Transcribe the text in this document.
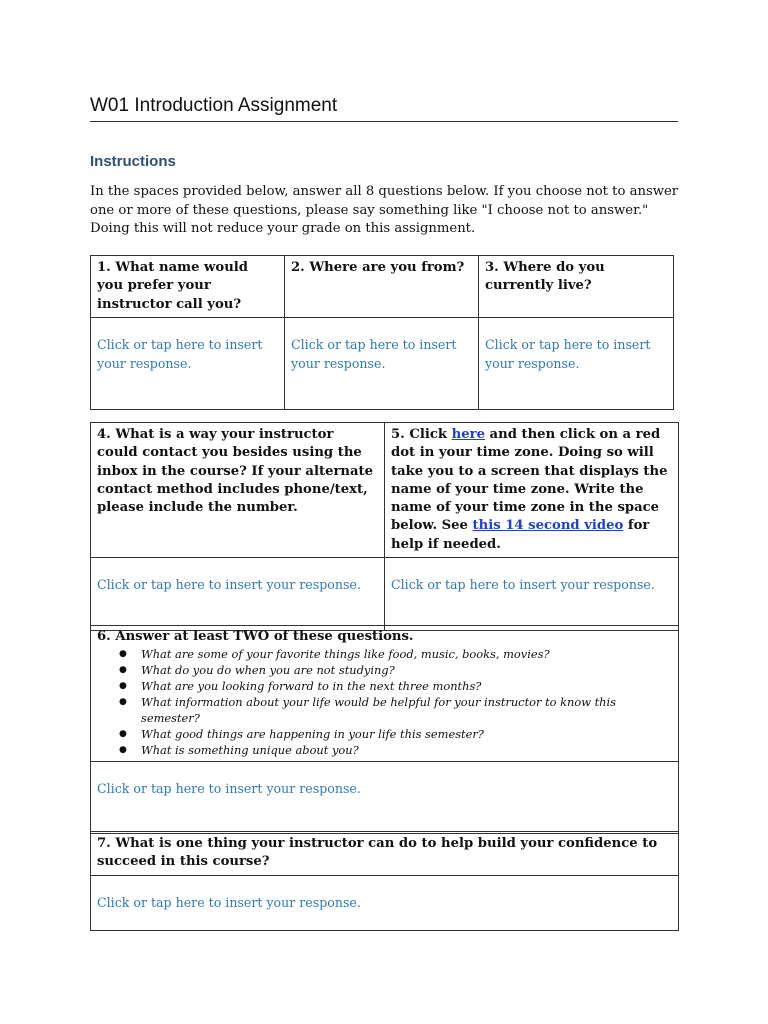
W01 Introduction Assignment
Instructions

In the spaces provided below, answer all 8 questions below. If you choose not to answer one or more of these questions, please say something like "I choose not to answer." Doing this will not reduce your grade on this assignment.

1. What name would you prefer your instructor call you?	2. Where are you from?	3. Where do you currently live?
Click or tap here to insert your response.	Click or tap here to insert your response.	Click or tap here to insert your response.
4. What is a way your instructor could contact you besides using the inbox in the course? If your alternate contact method includes phone/text, please include the number.	5. Click here and then click on a red dot in your time zone. Doing so will take you to a screen that displays the name of your time zone. Write the name of your time zone in the space below. See this 14 second video for help if needed.
Click or tap here to insert your response.	Click or tap here to insert your response.
6. Answer at least TWO of these questions.
● What are some of your favorite things like food, music, books, movies?
● What do you do when you are not studying?
● What are you looking forward to in the next three months?
● What information about your life would be helpful for your instructor to know this semester?
● What good things are happening in your life this semester?
● What is something unique about you?

Click or tap here to insert your response.
7. What is one thing your instructor can do to help build your confidence to succeed in this course?
Click or tap here to insert your response.
